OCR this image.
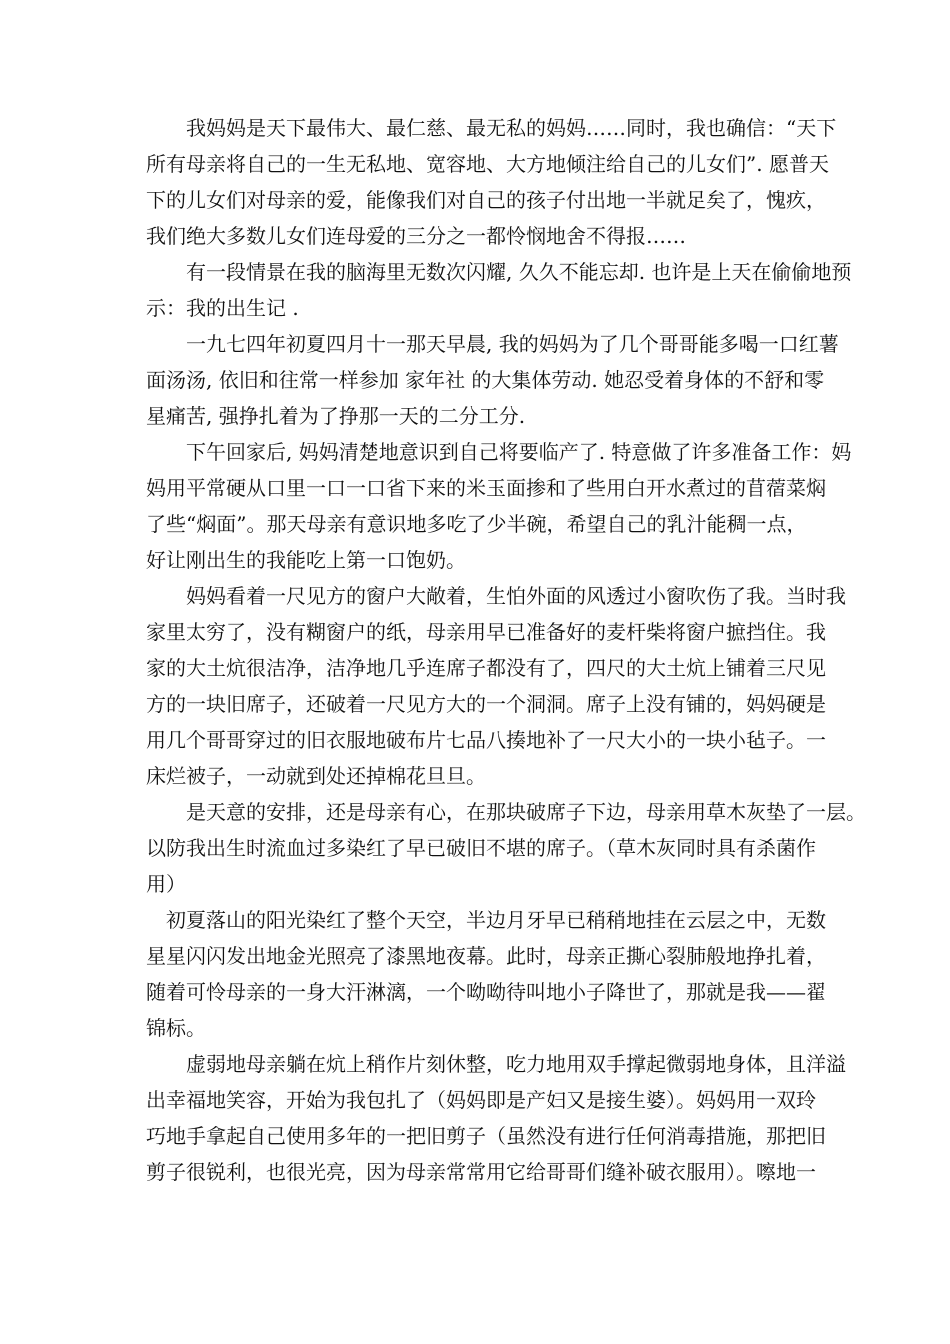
　　我妈妈是天下最伟大、最仁慈、最无私的妈妈……同时，我也确信：“天下
所有母亲将自己的一生无私地、宽容地、大方地倾注给自己的儿女们”. 愿普天
下的儿女们对母亲的爱，能像我们对自己的孩子付出地一半就足矣了，愧疚，
我们绝大多数儿女们连母爱的三分之一都怜悯地舍不得报……

　　有一段情景在我的脑海里无数次闪耀, 久久不能忘却. 也许是上天在偷偷地预
示：我的出生记 .

　　一九七四年初夏四月十一那天早晨, 我的妈妈为了几个哥哥能多喝一口红薯
面汤汤, 依旧和往常一样参加 家年社 的大集体劳动. 她忍受着身体的不舒和零
星痛苦, 强挣扎着为了挣那一天的二分工分.

　　下午回家后, 妈妈清楚地意识到自己将要临产了. 特意做了许多准备工作：妈
妈用平常硬从口里一口一口省下来的米玉面掺和了些用白开水煮过的苜蓿菜焖
了些“焖面”。那天母亲有意识地多吃了少半碗，希望自己的乳汁能稠一点，
好让刚出生的我能吃上第一口饱奶。

　　妈妈看着一尺见方的窗户大敞着，生怕外面的风透过小窗吹伤了我。当时我
家里太穷了，没有糊窗户的纸，母亲用早已准备好的麦杆柴将窗户摭挡住。我
家的大土炕很洁净，洁净地几乎连席子都没有了，四尺的大土炕上铺着三尺见
方的一块旧席子，还破着一尺见方大的一个洞洞。席子上没有铺的，妈妈硬是
用几个哥哥穿过的旧衣服地破布片七品八揍地补了一尺大小的一块小毡子。一
床烂被子，一动就到处还掉棉花旦旦。

　　是天意的安排，还是母亲有心，在那块破席子下边，母亲用草木灰垫了一层。
以防我出生时流血过多染红了早已破旧不堪的席子。（草木灰同时具有杀菌作
用）

　初夏落山的阳光染红了整个天空，半边月牙早已稍稍地挂在云层之中，无数
星星闪闪发出地金光照亮了漆黑地夜幕。此时，母亲正撕心裂肺般地挣扎着，
随着可怜母亲的一身大汗淋漓，一个呦呦待叫地小子降世了，那就是我——翟
锦标。

　　虚弱地母亲躺在炕上稍作片刻休整，吃力地用双手撑起微弱地身体，且洋溢
出幸福地笑容，开始为我包扎了（妈妈即是产妇又是接生婆）。妈妈用一双玲
巧地手拿起自己使用多年的一把旧剪子（虽然没有进行任何消毒措施，那把旧
剪子很锐利，也很光亮，因为母亲常常用它给哥哥们缝补破衣服用）。嚓地一
